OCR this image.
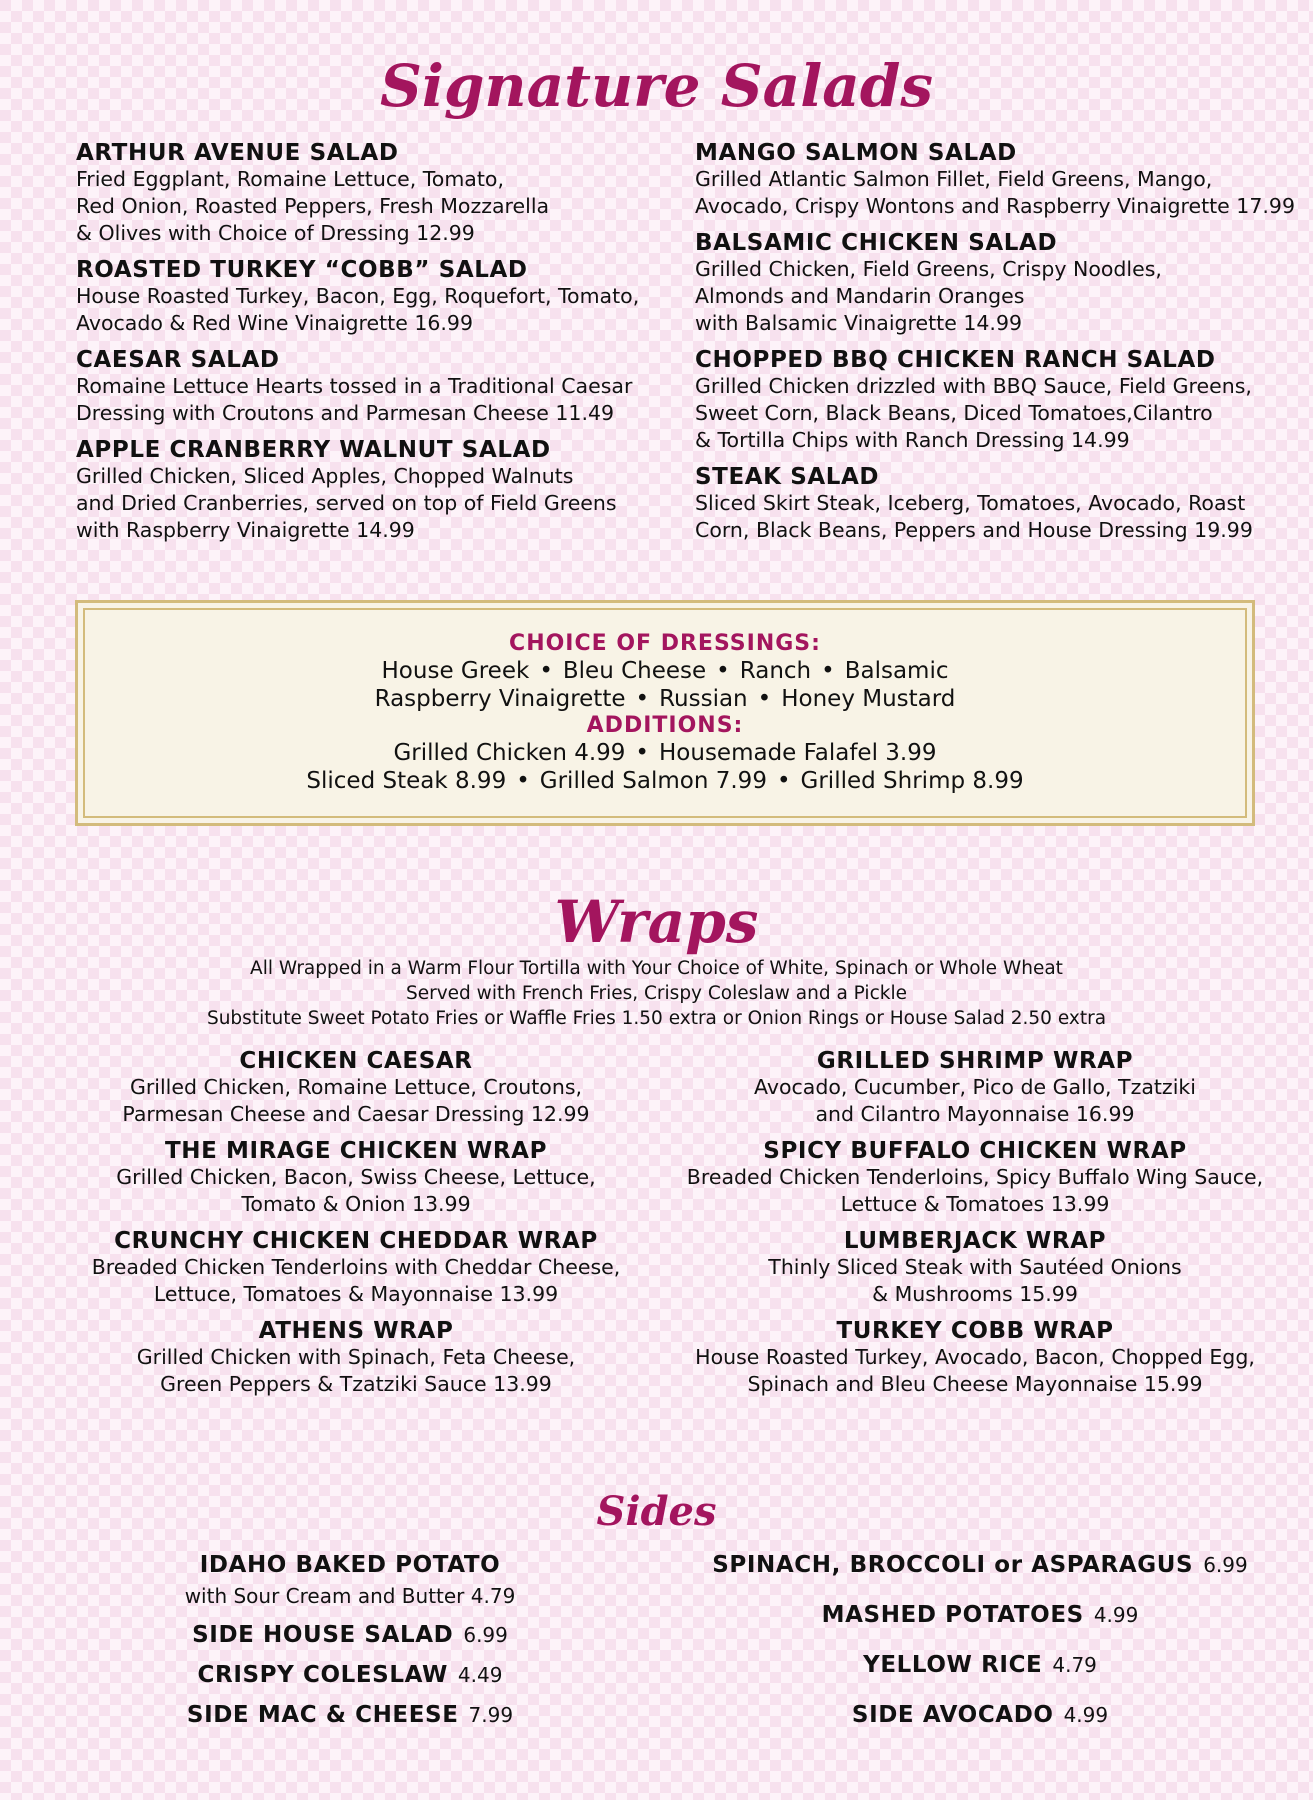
Signature Salads
ARTHUR AVENUE SALAD

Fried Eggplant, Romaine Lettuce, Tomato,
Red Onion, Roasted Peppers, Fresh Mozzarella
& Olives with Choice of Dressing 12.99

ROASTED TURKEY “COBB” SALAD

House Roasted Turkey, Bacon, Egg, Roquefort, Tomato,
Avocado & Red Wine Vinaigrette 16.99

CAESAR SALAD

Romaine Lettuce Hearts tossed in a Traditional Caesar
Dressing with Croutons and Parmesan Cheese 11.49

APPLE CRANBERRY WALNUT SALAD

Grilled Chicken, Sliced Apples, Chopped Walnuts
and Dried Cranberries, served on top of Field Greens
with Raspberry Vinaigrette 14.99

MANGO SALMON SALAD

Grilled Atlantic Salmon Fillet, Field Greens, Mango,
Avocado, Crispy Wontons and Raspberry Vinaigrette 17.99

BALSAMIC CHICKEN SALAD

Grilled Chicken, Field Greens, Crispy Noodles,
Almonds and Mandarin Oranges
with Balsamic Vinaigrette 14.99

CHOPPED BBQ CHICKEN RANCH SALAD

Grilled Chicken drizzled with BBQ Sauce, Field Greens,
Sweet Corn, Black Beans, Diced Tomatoes,Cilantro
& Tortilla Chips with Ranch Dressing 14.99

STEAK SALAD

Sliced Skirt Steak, Iceberg, Tomatoes, Avocado, Roast
Corn, Black Beans, Peppers and House Dressing 19.99

CHOICE OF DRESSINGS:
House Greek • Bleu Cheese • Ranch • Balsamic
Raspberry Vinaigrette • Russian • Honey Mustard
ADDITIONS:
Grilled Chicken 4.99 • Housemade Falafel 3.99
Sliced Steak 8.99 • Grilled Salmon 7.99 • Grilled Shrimp 8.99
Wraps
All Wrapped in a Warm Flour Tortilla with Your Choice of White, Spinach or Whole Wheat
Served with French Fries, Crispy Coleslaw and a Pickle
Substitute Sweet Potato Fries or Waffle Fries 1.50 extra or Onion Rings or House Salad 2.50 extra
CHICKEN CAESAR

Grilled Chicken, Romaine Lettuce, Croutons,
Parmesan Cheese and Caesar Dressing 12.99

THE MIRAGE CHICKEN WRAP

Grilled Chicken, Bacon, Swiss Cheese, Lettuce,
Tomato & Onion 13.99

CRUNCHY CHICKEN CHEDDAR WRAP

Breaded Chicken Tenderloins with Cheddar Cheese,
Lettuce, Tomatoes & Mayonnaise 13.99

ATHENS WRAP

Grilled Chicken with Spinach, Feta Cheese,
Green Peppers & Tzatziki Sauce 13.99

GRILLED SHRIMP WRAP

Avocado, Cucumber, Pico de Gallo, Tzatziki
and Cilantro Mayonnaise 16.99

SPICY BUFFALO CHICKEN WRAP

Breaded Chicken Tenderloins, Spicy Buffalo Wing Sauce,
Lettuce & Tomatoes 13.99

LUMBERJACK WRAP

Thinly Sliced Steak with Sautéed Onions
& Mushrooms 15.99

TURKEY COBB WRAP

House Roasted Turkey, Avocado, Bacon, Chopped Egg,
Spinach and Bleu Cheese Mayonnaise 15.99

Sides
IDAHO BAKED POTATO
with Sour Cream and Butter 4.79
SIDE HOUSE SALAD 6.99
CRISPY COLESLAW 4.49
SIDE MAC & CHEESE 7.99
SPINACH, BROCCOLI or ASPARAGUS 6.99
MASHED POTATOES 4.99
YELLOW RICE 4.79
SIDE AVOCADO 4.99
